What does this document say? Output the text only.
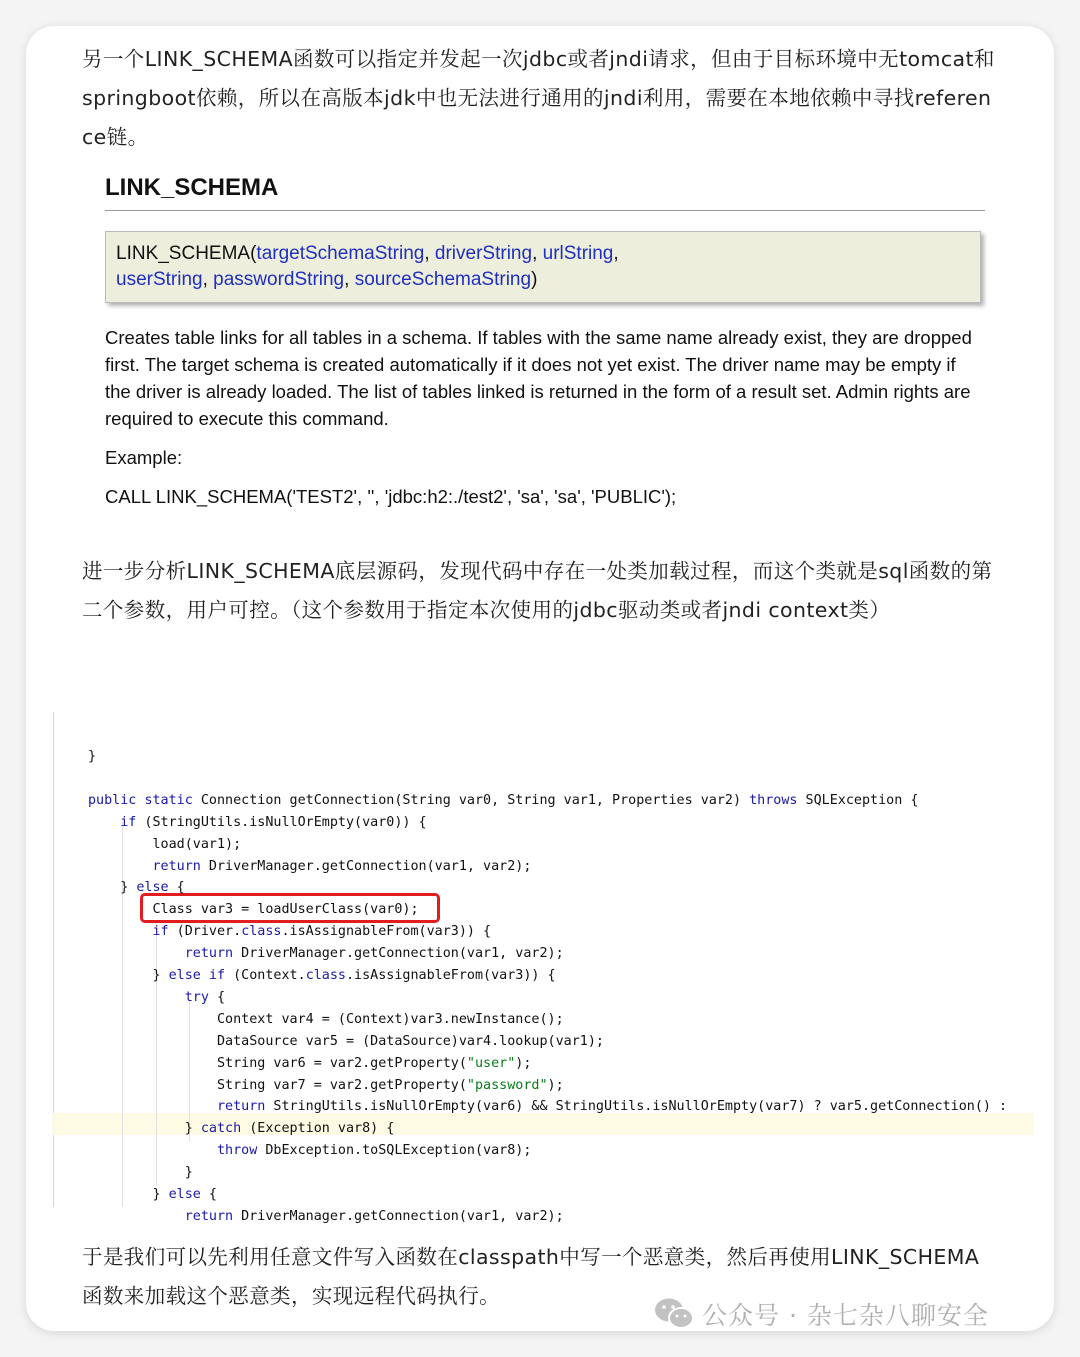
另一个LINK_SCHEMA函数可以指定并发起一次jdbc或者jndi请求，但由于目标环境中无tomcat和springboot依赖，所以在高版本jdk中也无法进行通用的jndi利用，需要在本地依赖中寻找reference链。

LINK_SCHEMA
LINK_SCHEMA(targetSchemaString, driverString, urlString,
userString, passwordString, sourceSchemaString)

Creates table links for all tables in a schema. If tables with the same name already exist, they are dropped first. The target schema is created automatically if it does not yet exist. The driver name may be empty if the driver is already loaded. The list of tables linked is returned in the form of a result set. Admin rights are required to execute this command.

Example:

CALL LINK_SCHEMA('TEST2', '', 'jdbc:h2:./test2', 'sa', 'sa', 'PUBLIC');

进一步分析LINK_SCHEMA底层源码，发现代码中存在一处类加载过程，而这个类就是sql函数的第二个参数，用户可控。（这个参数用于指定本次使用的jdbc驱动类或者jndi context类）

}
public static Connection getConnection(String var0, String var1, Properties var2) throws SQLException {
if (StringUtils.isNullOrEmpty(var0)) {
load(var1);
return DriverManager.getConnection(var1, var2);
} else {
Class var3 = loadUserClass(var0);
if (Driver.class.isAssignableFrom(var3)) {
return DriverManager.getConnection(var1, var2);
} else if (Context.class.isAssignableFrom(var3)) {
try {
Context var4 = (Context)var3.newInstance();
DataSource var5 = (DataSource)var4.lookup(var1);
String var6 = var2.getProperty("user");
String var7 = var2.getProperty("password");
return StringUtils.isNullOrEmpty(var6) && StringUtils.isNullOrEmpty(var7) ? var5.getConnection() :
} catch (Exception var8) {
throw DbException.toSQLException(var8);
}
} else {
return DriverManager.getConnection(var1, var2);

于是我们可以先利用任意文件写入函数在classpath中写一个恶意类，然后再使用LINK_SCHEMA函数来加载这个恶意类，实现远程代码执行。

公众号 · 杂七杂八聊安全
